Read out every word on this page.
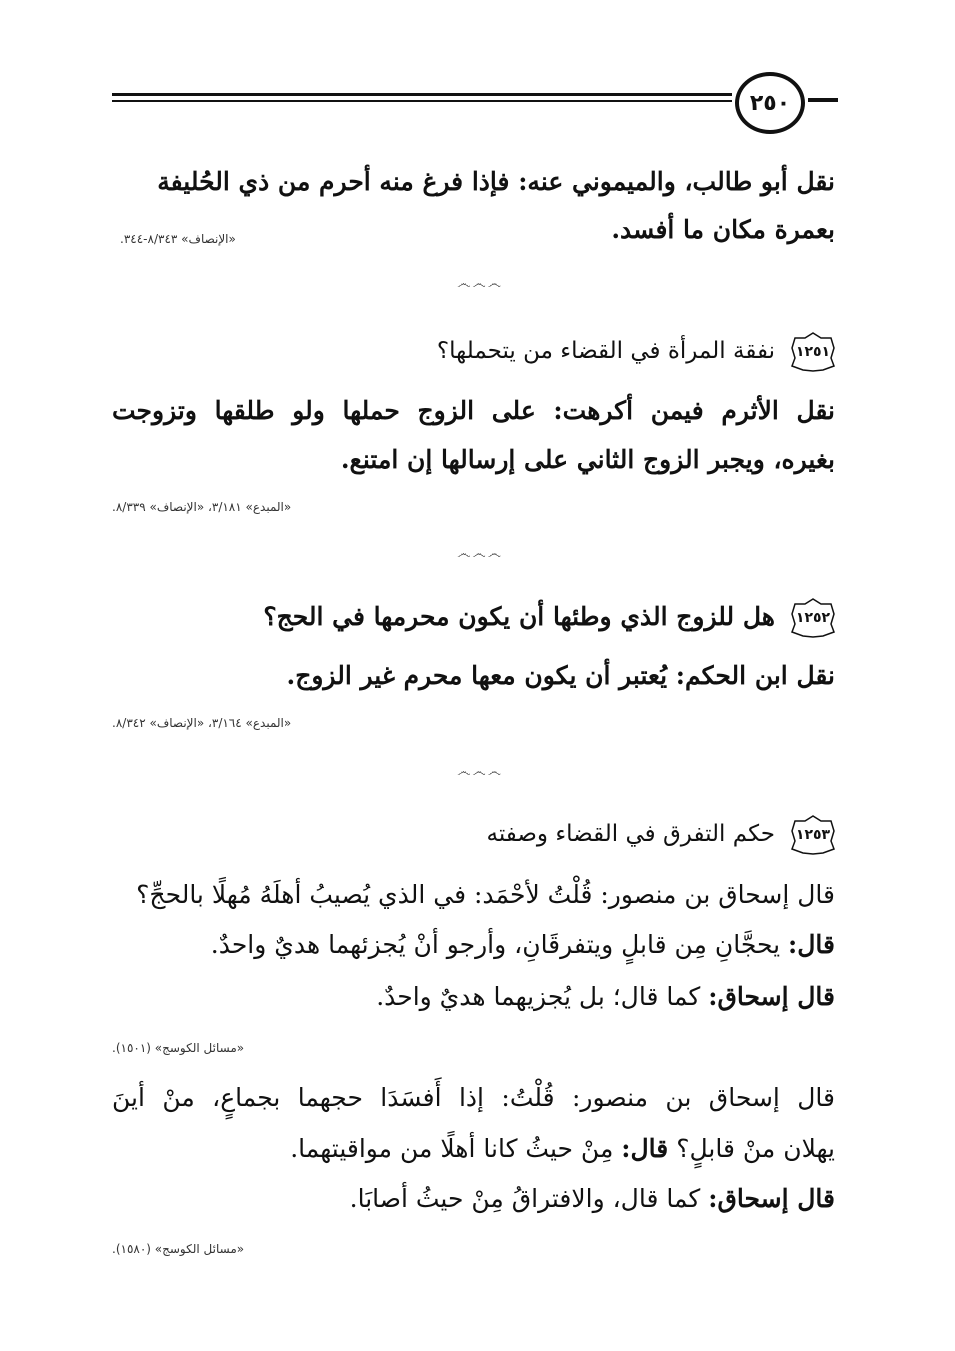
٢٥٠
نقل أبو طالب، والميموني عنه: فإذا فرغ منه أحرم من ذي الحُليفة
بعمرة مكان ما أفسد.
«الإنصاف» ٨/٣٤٣-٣٤٤.
෴෴෴
١٢٥١
نفقة المرأة في القضاء من يتحملها؟
نقل الأثرم فيمن أكرهت: على الزوج حملها ولو طلقها وتزوجت
بغيره، ويجبر الزوج الثاني على إرسالها إن امتنع.
«المبدع» ٣/١٨١، «الإنصاف» ٨/٣٣٩.
෴෴෴
١٢٥٢
هل للزوج الذي وطئها أن يكون محرمها في الحج؟
نقل ابن الحكم: يُعتبر أن يكون معها محرم غير الزوج.
«المبدع» ٣/١٦٤، «الإنصاف» ٨/٣٤٢.
෴෴෴
١٢٥٣
حكم التفرق في القضاء وصفته
قال إسحاق بن منصور: قُلْتُ لأحْمَد: في الذي يُصيبُ أهلَهُ مُهلًا بالحجِّ؟
قال: يحجَّانِ مِن قابلٍ ويتفرقَانِ، وأرجو أنْ يُجزئهما هديٌ واحدٌ.
قال إسحاق: كما قال؛ بل يُجزيهما هديٌ واحدٌ.
«مسائل الكوسج» (١٥٠١).
قال إسحاق بن منصور: قُلْتُ: إذا أَفسَدَا حجهما بجماعٍ، منْ أينَ
يهلان منْ قابلٍ؟ قال: مِنْ حيثُ كانا أهلًا من مواقيتهما.
قال إسحاق: كما قال، والافتراقُ مِنْ حيثُ أصابَا.
«مسائل الكوسج» (١٥٨٠).
